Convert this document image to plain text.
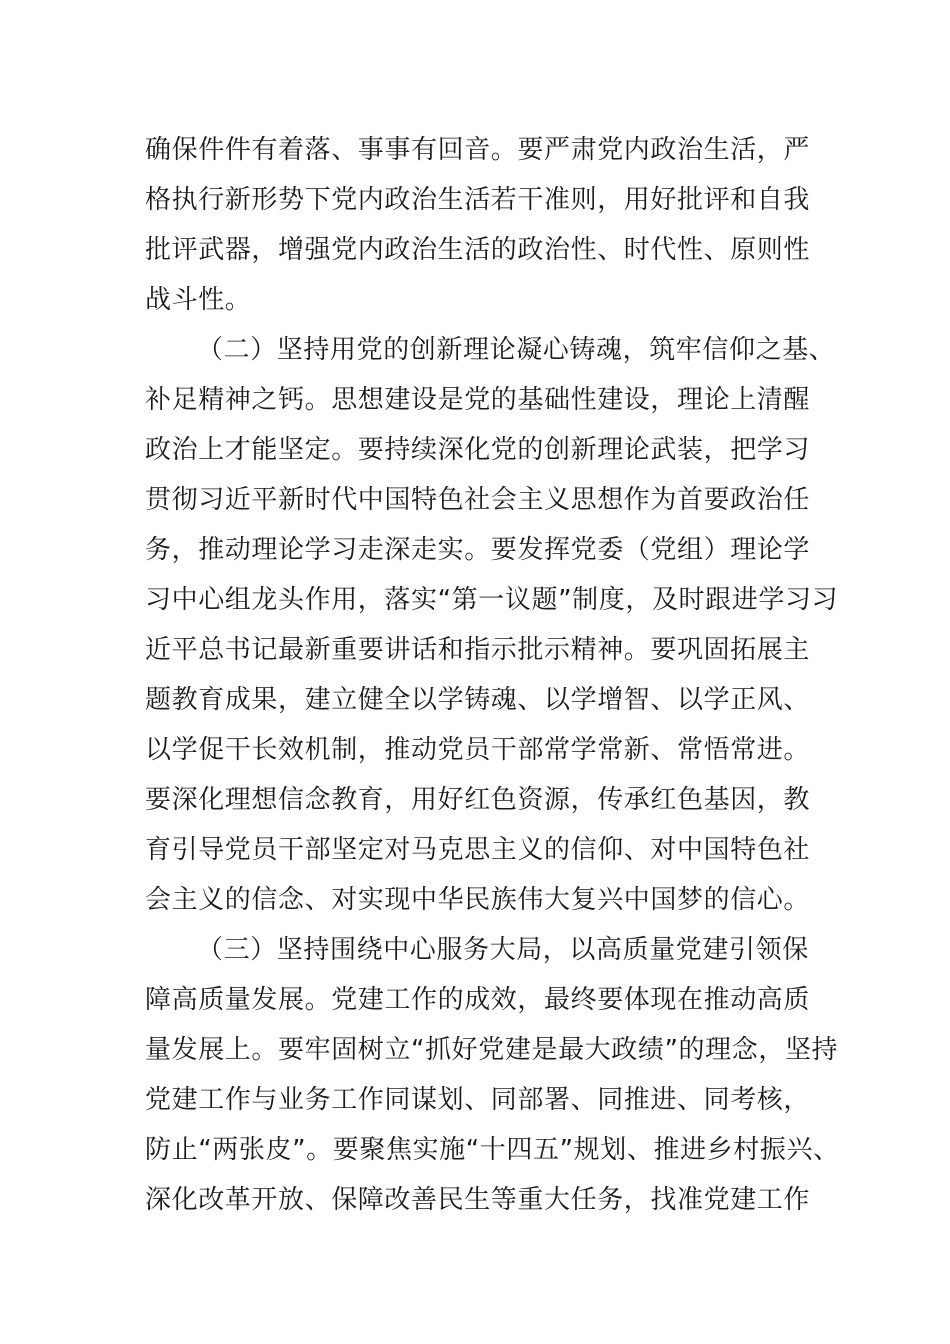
确保件件有着落、事事有回音。要严肃党内政治生活，严
格执行新形势下党内政治生活若干准则，用好批评和自我
批评武器，增强党内政治生活的政治性、时代性、原则性
战斗性。
（二）坚持用党的创新理论凝心铸魂，筑牢信仰之基、
补足精神之钙。思想建设是党的基础性建设，理论上清醒
政治上才能坚定。要持续深化党的创新理论武装，把学习
贯彻习近平新时代中国特色社会主义思想作为首要政治任
务，推动理论学习走深走实。要发挥党委（党组）理论学
习中心组龙头作用，落实“第一议题”制度，及时跟进学习习
近平总书记最新重要讲话和指示批示精神。要巩固拓展主
题教育成果，建立健全以学铸魂、以学增智、以学正风、
以学促干长效机制，推动党员干部常学常新、常悟常进。
要深化理想信念教育，用好红色资源，传承红色基因，教
育引导党员干部坚定对马克思主义的信仰、对中国特色社
会主义的信念、对实现中华民族伟大复兴中国梦的信心。
（三）坚持围绕中心服务大局，以高质量党建引领保
障高质量发展。党建工作的成效，最终要体现在推动高质
量发展上。要牢固树立“抓好党建是最大政绩”的理念，坚持
党建工作与业务工作同谋划、同部署、同推进、同考核，
防止“两张皮”。要聚焦实施“十四五”规划、推进乡村振兴、
深化改革开放、保障改善民生等重大任务，找准党建工作
